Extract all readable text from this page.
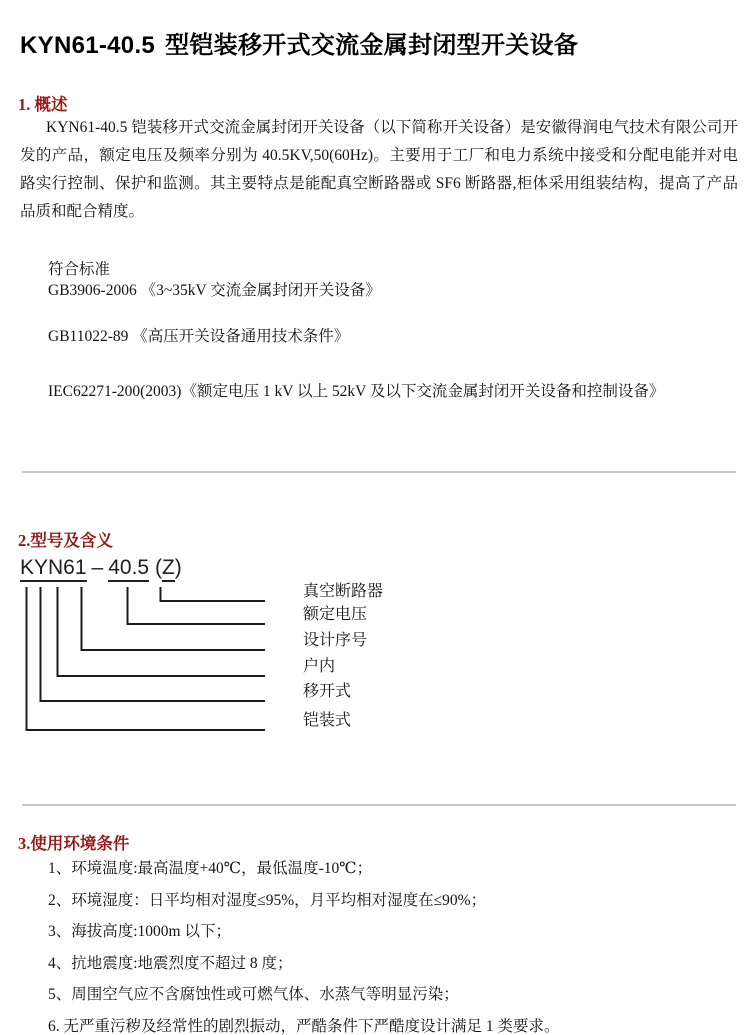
KYN61-40.5 型铠装移开式交流金属封闭型开关设备
1. 概述

KYN61-40.5 铠装移开式交流金属封闭开关设备（以下简称开关设备）是安徽得润电气技术有限公司开发的产品，额定电压及频率分别为 40.5KV,50(60Hz)。主要用于工厂和电力系统中接受和分配电能并对电路实行控制、保护和监测。其主要特点是能配真空断路器或 SF6 断路器,柜体采用组装结构，提高了产品品质和配合精度。

符合标准
GB3906-2006 《3~35kV 交流金属封闭开关设备》
GB11022-89 《高压开关设备通用技术条件》
IEC62271-200(2003)《额定电压 1 kV 以上 52kV 及以下交流金属封闭开关设备和控制设备》
2.型号及含义
KYN61 – 40.5 (Z)
真空断路器
额定电压
设计序号
户内
移开式
铠装式
3.使用环境条件
1、环境温度:最高温度+40℃，最低温度-10℃；
2、环境湿度：日平均相对湿度≤95%，月平均相对湿度在≤90%；
3、海拔高度:1000m 以下；
4、抗地震度:地震烈度不超过 8 度；
5、周围空气应不含腐蚀性或可燃气体、水蒸气等明显污染；
6. 无严重污秽及经常性的剧烈振动，严酷条件下严酷度设计满足 1 类要求。
